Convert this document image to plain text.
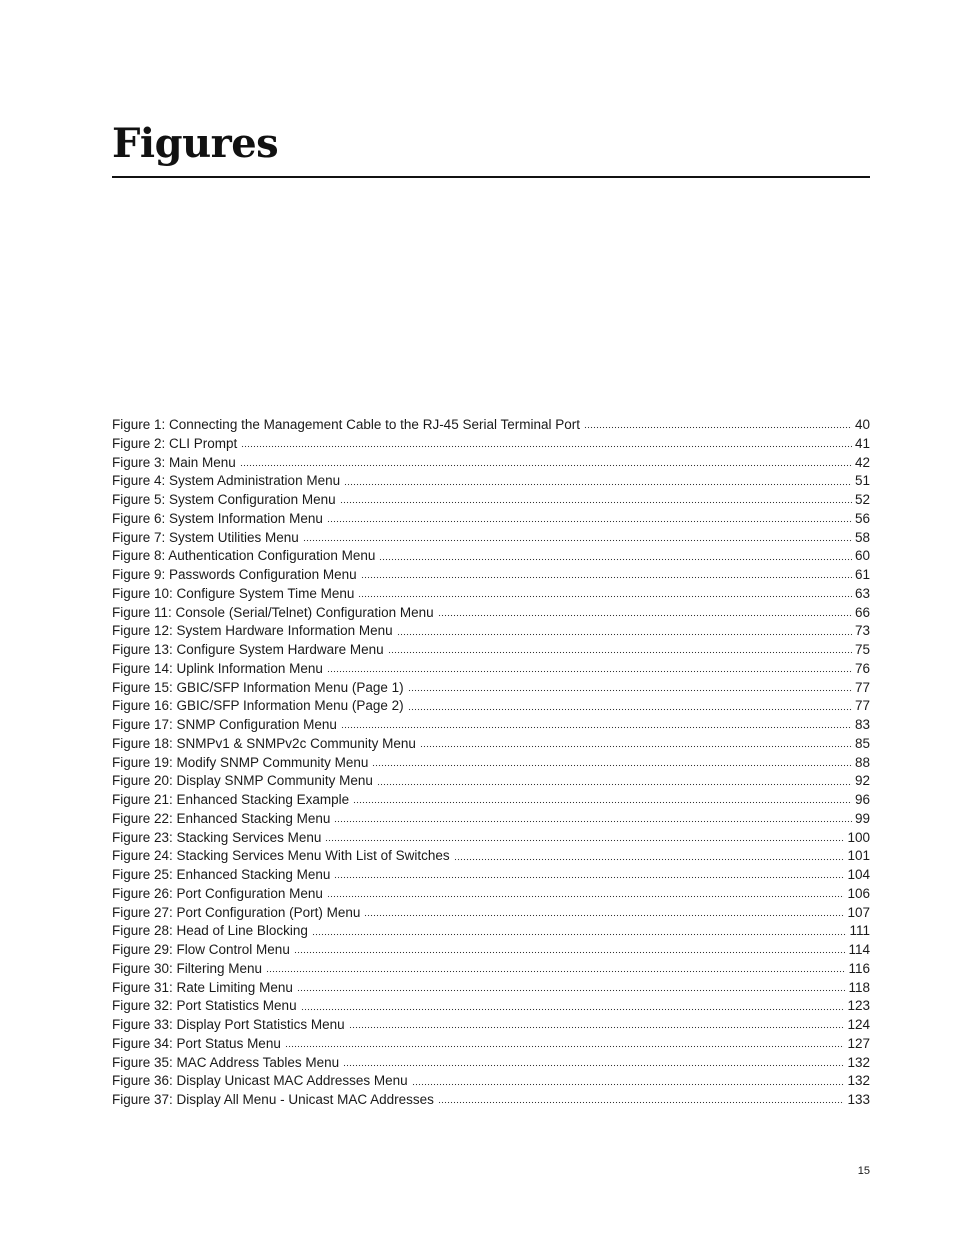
Figures
Figure 1: Connecting the Management Cable to the RJ-45 Serial Terminal Port	40
Figure 2: CLI Prompt	41
Figure 3: Main Menu	42
Figure 4: System Administration Menu	51
Figure 5: System Configuration Menu	52
Figure 6: System Information Menu	56
Figure 7: System Utilities Menu	58
Figure 8: Authentication Configuration Menu	60
Figure 9: Passwords Configuration Menu	61
Figure 10: Configure System Time Menu	63
Figure 11: Console (Serial/Telnet) Configuration Menu	66
Figure 12: System Hardware Information Menu	73
Figure 13: Configure System Hardware Menu	75
Figure 14: Uplink Information Menu	76
Figure 15: GBIC/SFP Information Menu (Page 1)	77
Figure 16: GBIC/SFP Information Menu (Page 2)	77
Figure 17: SNMP Configuration Menu	83
Figure 18: SNMPv1 & SNMPv2c Community Menu	85
Figure 19: Modify SNMP Community Menu	88
Figure 20: Display SNMP Community Menu	92
Figure 21: Enhanced Stacking Example	96
Figure 22: Enhanced Stacking Menu	99
Figure 23: Stacking Services Menu	100
Figure 24: Stacking Services Menu With List of Switches	101
Figure 25: Enhanced Stacking Menu	104
Figure 26: Port Configuration Menu	106
Figure 27: Port Configuration (Port) Menu	107
Figure 28: Head of Line Blocking	111
Figure 29: Flow Control Menu	114
Figure 30: Filtering Menu	116
Figure 31: Rate Limiting Menu	118
Figure 32: Port Statistics Menu	123
Figure 33: Display Port Statistics Menu	124
Figure 34: Port Status Menu	127
Figure 35: MAC Address Tables Menu	132
Figure 36: Display Unicast MAC Addresses Menu	132
Figure 37: Display All Menu - Unicast MAC Addresses	133
15
